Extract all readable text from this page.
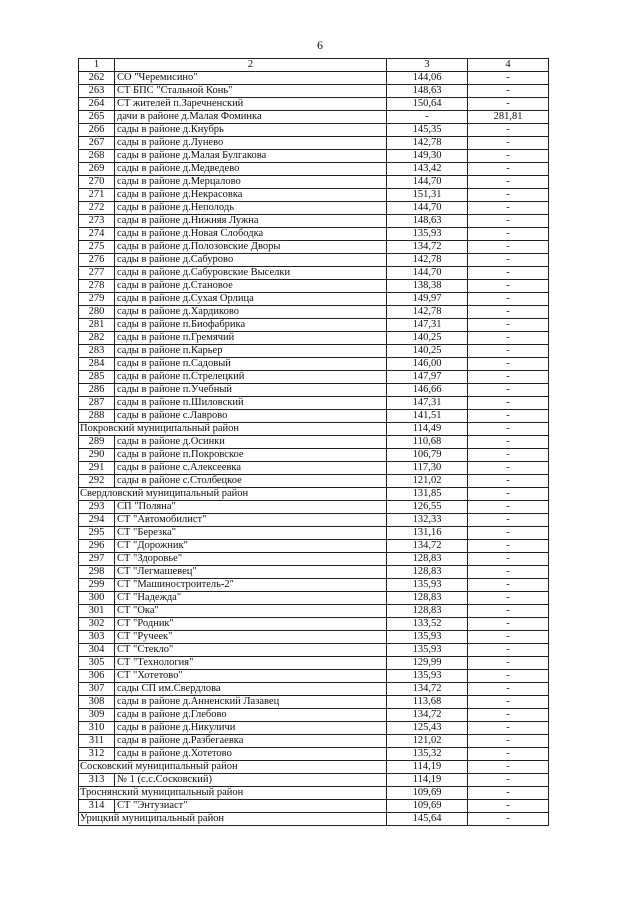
6
1	2	3	4
262	СО "Черемисино"	144,06	-
263	СТ БПС "Стальной Конь"	148,63	-
264	СТ жителей п.Заречненский	150,64	-
265	дачи в районе д.Малая Фоминка	-	281,81
266	сады в районе д.Кнубрь	145,35	-
267	сады в районе д.Лунево	142,78	-
268	сады в районе д.Малая Булгакова	149,30	-
269	сады в районе д.Медведево	143,42	-
270	сады в районе д.Мерцалово	144,70	-
271	сады в районе д.Некрасовка	151,31	-
272	сады в районе д.Неполодь	144,70	-
273	сады в районе д.Нижняя Лужна	148,63	-
274	сады в районе д.Новая Слободка	135,93	-
275	сады в районе д.Полозовские Дворы	134,72	-
276	сады в районе д.Сабурово	142,78	-
277	сады в районе д.Сабуровские Выселки	144,70	-
278	сады в районе д.Становое	138,38	-
279	сады в районе д.Сухая Орлица	149,97	-
280	сады в районе д.Хардиково	142,78	-
281	сады в районе п.Биофабрика	147,31	-
282	сады в районе п.Гремячий	140,25	-
283	сады в районе п.Карьер	140,25	-
284	сады в районе п.Садовый	146,00	-
285	сады в районе п.Стрелецкий	147,97	-
286	сады в районе п.Учебный	146,66	-
287	сады в районе п.Шиловский	147,31	-
288	сады в районе с.Лаврово	141,51	-
Покровский муниципальный район		114,49	-
289	сады в районе д.Осинки	110,68	-
290	сады в районе п.Покровское	106,79	-
291	сады в районе с.Алексеевка	117,30	-
292	сады в районе с.Столбецкое	121,02	-
Свердловский муниципальный район		131,85	-
293	СП "Поляна"	126,55	-
294	СТ "Автомобилист"	132,33	-
295	СТ "Березка"	131,16	-
296	СТ "Дорожник"	134,72	-
297	СТ "Здоровье"	128,83	-
298	СТ "Легмашевец"	128,83	-
299	СТ "Машиностроитель-2"	135,93	-
300	СТ "Надежда"	128,83	-
301	СТ "Ока"	128,83	-
302	СТ "Родник"	133,52	-
303	СТ "Ручеек"	135,93	-
304	СТ "Стекло"	135,93	-
305	СТ "Технология"	129,99	-
306	СТ "Хотетово"	135,93	-
307	сады СП им.Свердлова	134,72	-
308	сады в районе д.Анненский Лазавец	113,68	-
309	сады в районе д.Глебово	134,72	-
310	сады в районе д.Никуличи	125,43	-
311	сады в районе д.Разбегаевка	121,02	-
312	сады в районе д.Хотетово	135,32	-
Сосковский муниципальный район		114,19	-
313	№ 1 (с.с.Сосковский)	114,19	-
Троснянский муниципальный район		109,69	-
314	СТ "Энтузиаст"	109,69	-
Урицкий муниципальный район		145,64	-
